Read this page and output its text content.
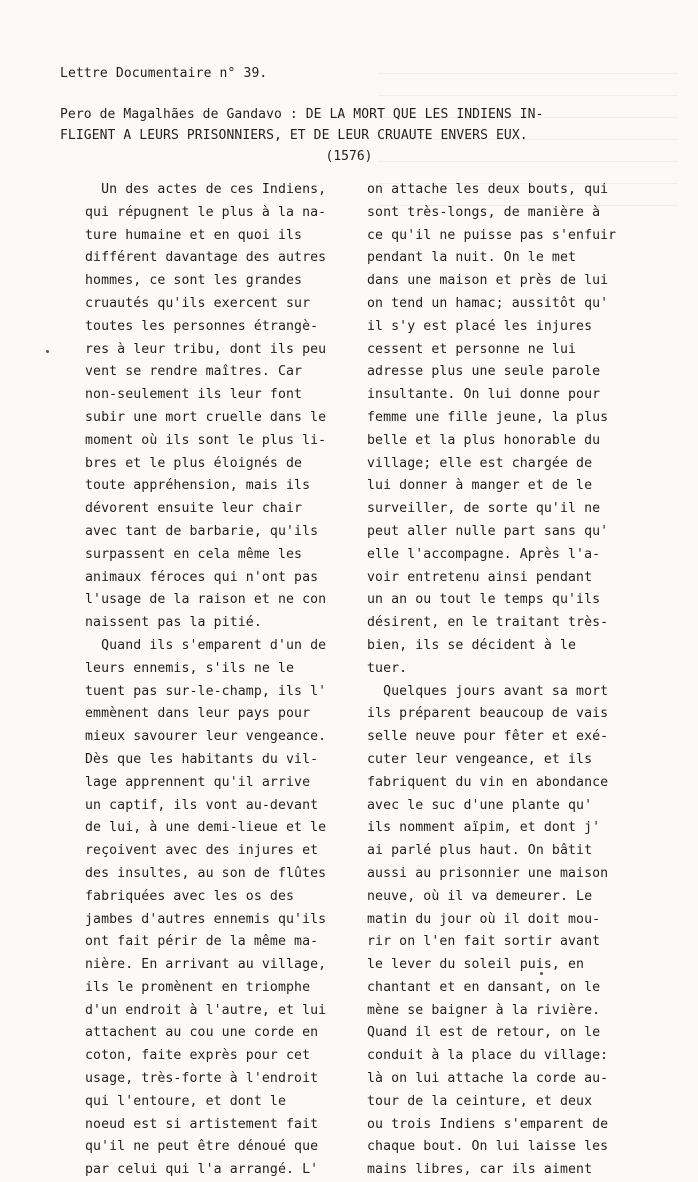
Lettre Documentaire n° 39.
Pero de Magalhães de Gandavo : DE LA MORT QUE LES INDIENS IN-
FLIGENT A LEURS PRISONNIERS, ET DE LEUR CRUAUTE ENVERS EUX.
(1576)
Un des actes de ces Indiens,
qui répugnent le plus à la na-
ture humaine et en quoi ils
différent davantage des autres
hommes, ce sont les grandes
cruautés qu'ils exercent sur
toutes les personnes étrangè-
res à leur tribu, dont ils peu
vent se rendre maîtres. Car
non-seulement ils leur font
subir une mort cruelle dans le
moment où ils sont le plus li-
bres et le plus éloignés de
toute appréhension, mais ils
dévorent ensuite leur chair
avec tant de barbarie, qu'ils
surpassent en cela même les
animaux féroces qui n'ont pas
l'usage de la raison et ne con
naissent pas la pitié.
Quand ils s'emparent d'un de
leurs ennemis, s'ils ne le
tuent pas sur-le-champ, ils l'
emmènent dans leur pays pour
mieux savourer leur vengeance.
Dès que les habitants du vil-
lage apprennent qu'il arrive
un captif, ils vont au-devant
de lui, à une demi-lieue et le
reçoivent avec des injures et
des insultes, au son de flûtes
fabriquées avec les os des
jambes d'autres ennemis qu'ils
ont fait périr de la même ma-
nière. En arrivant au village,
ils le promènent en triomphe
d'un endroit à l'autre, et lui
attachent au cou une corde en
coton, faite exprès pour cet
usage, très-forte à l'endroit
qui l'entoure, et dont le
noeud est si artistement fait
qu'il ne peut être dénoué que
par celui qui l'a arrangé. L'
on attache les deux bouts, qui
sont très-longs, de manière à
ce qu'il ne puisse pas s'enfuir
pendant la nuit. On le met
dans une maison et près de lui
on tend un hamac; aussitôt qu'
il s'y est placé les injures
cessent et personne ne lui
adresse plus une seule parole
insultante. On lui donne pour
femme une fille jeune, la plus
belle et la plus honorable du
village; elle est chargée de
lui donner à manger et de le
surveiller, de sorte qu'il ne
peut aller nulle part sans qu'
elle l'accompagne. Après l'a-
voir entretenu ainsi pendant
un an ou tout le temps qu'ils
désirent, en le traitant très-
bien, ils se décident à le
tuer.
Quelques jours avant sa mort
ils préparent beaucoup de vais
selle neuve pour fêter et exé-
cuter leur vengeance, et ils
fabriquent du vin en abondance
avec le suc d'une plante qu'
ils nomment aïpim, et dont j'
ai parlé plus haut. On bâtit
aussi au prisonnier une maison
neuve, où il va demeurer. Le
matin du jour où il doit mou-
rir on l'en fait sortir avant
le lever du soleil puis, en
chantant et en dansant, on le
mène se baigner à la rivière.
Quand il est de retour, on le
conduit à la place du village:
là on lui attache la corde au-
tour de la ceinture, et deux
ou trois Indiens s'emparent de
chaque bout. On lui laisse les
mains libres, car ils aiment
